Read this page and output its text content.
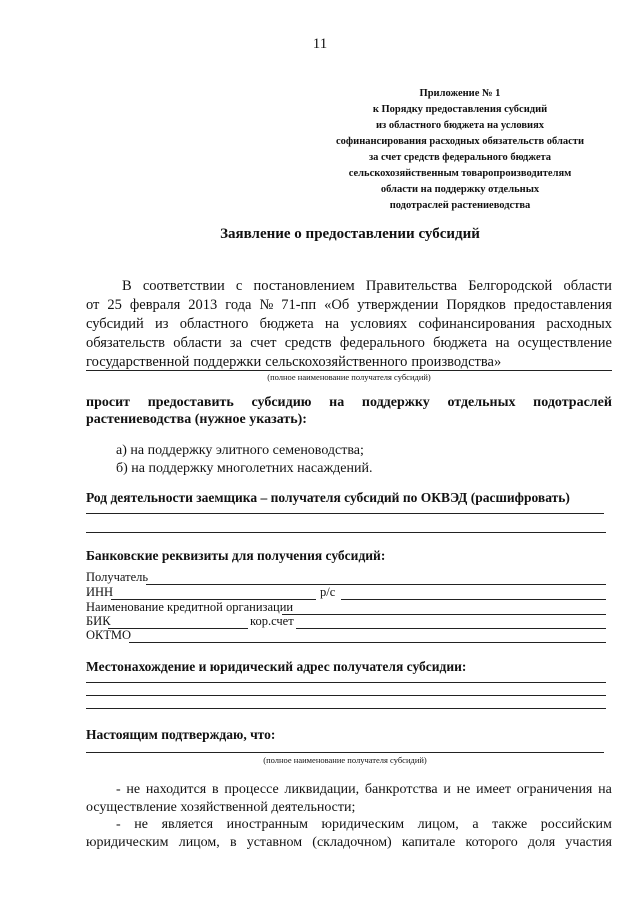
11
Приложение № 1
к Порядку предоставления субсидий
из областного бюджета на условиях
софинансирования расходных обязательств области
за счет средств федерального бюджета
сельскохозяйственным товаропроизводителям
области на поддержку отдельных
подотраслей растениеводства
Заявление о предоставлении субсидий
В соответствии с постановлением Правительства Белгородской области
от 25 февраля 2013 года № 71-пп «Об утверждении Порядков предоставления
субсидий из областного бюджета на условиях софинансирования расходных
обязательств области за счет средств федерального бюджета на осуществление
государственной поддержки сельскохозяйственного производства»
(полное наименование получателя субсидий)
просит предоставить субсидию на поддержку отдельных подотраслей
растениеводства (нужное указать):
а) на поддержку элитного семеноводства;
б) на поддержку многолетних насаждений.
Род деятельности заемщика – получателя субсидий по ОКВЭД (расшифровать)
Банковские реквизиты для получения субсидий:
Получатель
ИНН	р/с
Наименование кредитной организации
БИК	кор.счет
ОКТМО
Местонахождение и юридический адрес получателя субсидии:
Настоящим подтверждаю, что:
(полное наименование получателя субсидий)
- не находится в процессе ликвидации, банкротства и не имеет ограничения на
осуществление хозяйственной деятельности;
- не является иностранным юридическим лицом, а также российским
юридическим лицом, в уставном (складочном) капитале которого доля участия
